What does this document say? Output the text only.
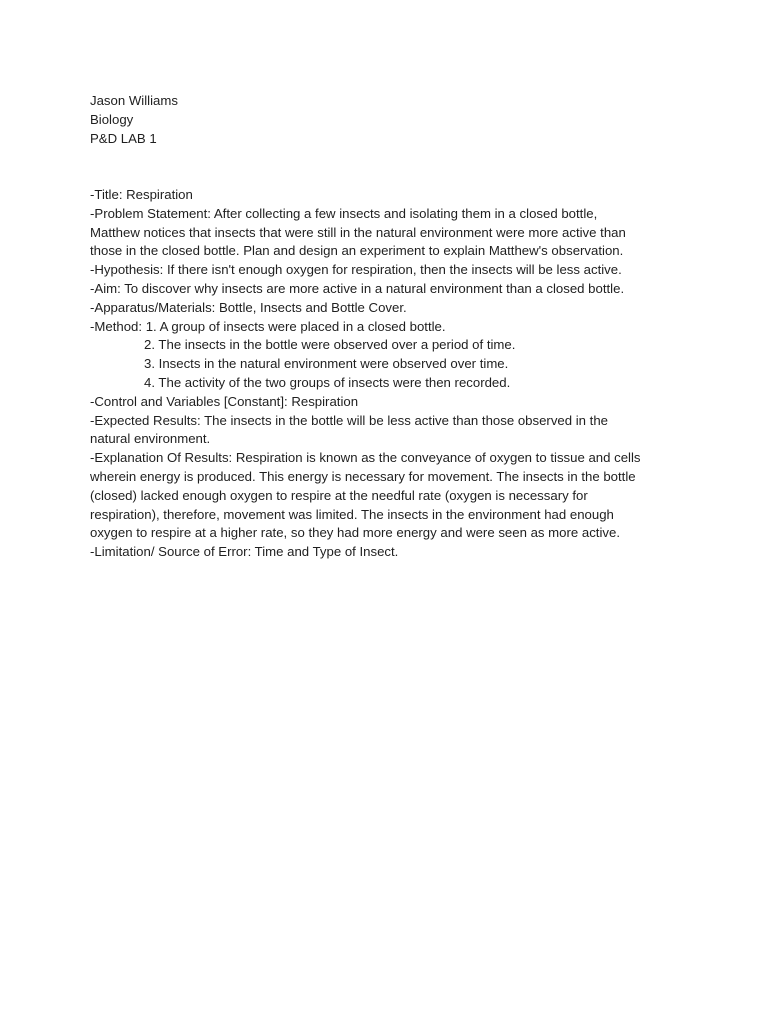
Jason Williams
Biology
P&D LAB 1
-Title: Respiration
-Problem Statement: After collecting a few insects and isolating them in a closed bottle,
Matthew notices that insects that were still in the natural environment were more active than
those in the closed bottle. Plan and design an experiment to explain Matthew's observation.
-Hypothesis: If there isn't enough oxygen for respiration, then the insects will be less active.
-Aim: To discover why insects are more active in a natural environment than a closed bottle.
-Apparatus/Materials: Bottle, Insects and Bottle Cover.
-Method: 1. A group of insects were placed in a closed bottle.
2. The insects in the bottle were observed over a period of time.
3. Insects in the natural environment were observed over time.
4. The activity of the two groups of insects were then recorded.
-Control and Variables [Constant]: Respiration
-Expected Results: The insects in the bottle will be less active than those observed in the
natural environment.
-Explanation Of Results: Respiration is known as the conveyance of oxygen to tissue and cells
wherein energy is produced. This energy is necessary for movement. The insects in the bottle
(closed) lacked enough oxygen to respire at the needful rate (oxygen is necessary for
respiration), therefore, movement was limited. The insects in the environment had enough
oxygen to respire at a higher rate, so they had more energy and were seen as more active.
-Limitation/ Source of Error: Time and Type of Insect.
